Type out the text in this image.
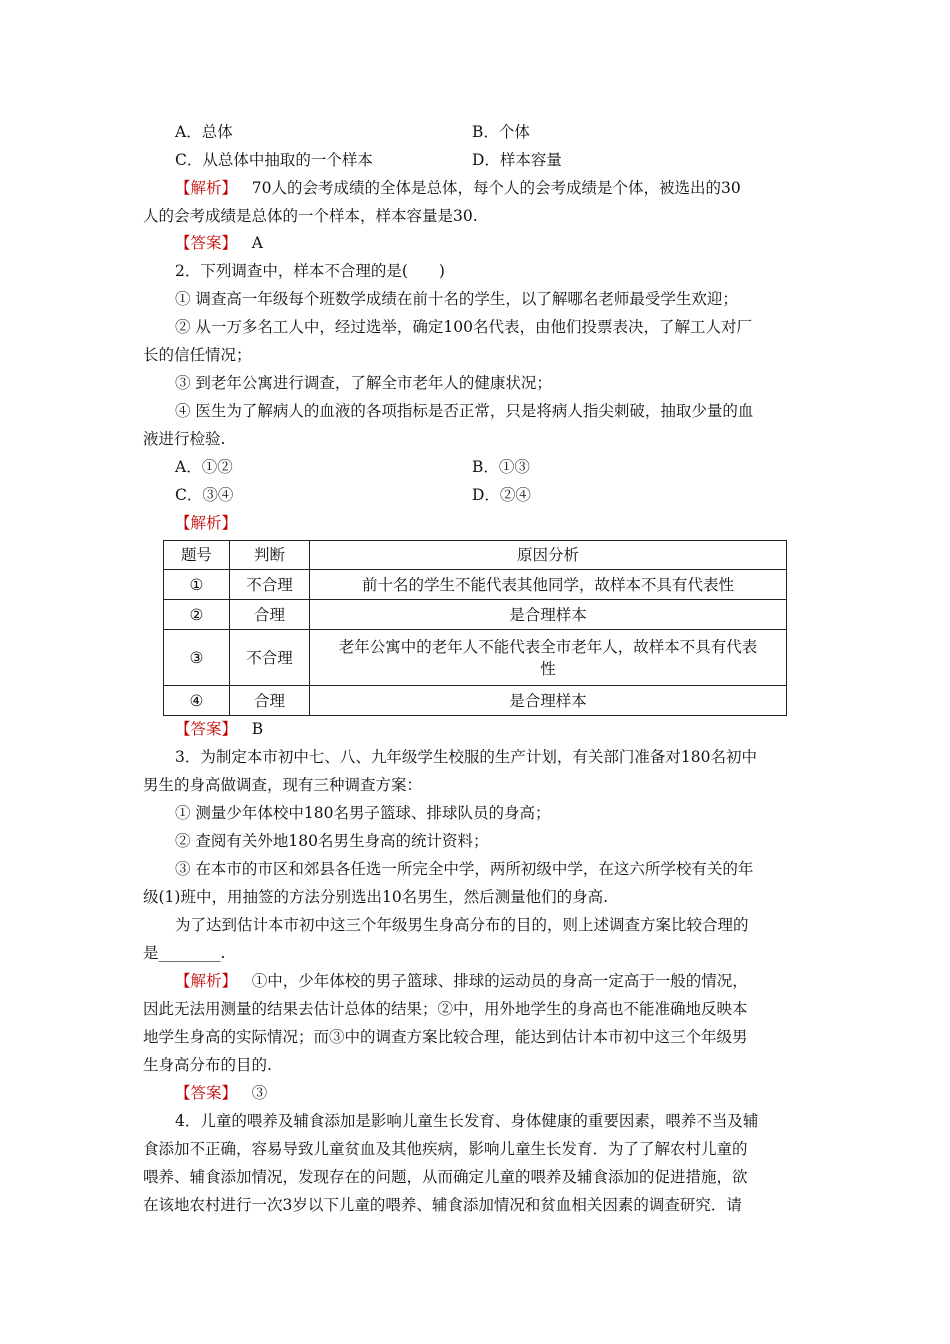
A．总体	B．个体
C．从总体中抽取的一个样本	D．样本容量
【解析】 70人的会考成绩的全体是总体，每个人的会考成绩是个体，被选出的30
人的会考成绩是总体的一个样本，样本容量是30.
【答案】 A
2．下列调查中，样本不合理的是(　　)
① 调查高一年级每个班数学成绩在前十名的学生，以了解哪名老师最受学生欢迎；
② 从一万多名工人中，经过选举，确定100名代表，由他们投票表决，了解工人对厂
长的信任情况；
③ 到老年公寓进行调查，了解全市老年人的健康状况；
④ 医生为了解病人的血液的各项指标是否正常，只是将病人指尖刺破，抽取少量的血
液进行检验.
A．①②	B．①③
C．③④	D．②④
【解析】
题号	判断	原因分析
①	不合理	前十名的学生不能代表其他同学，故样本不具有代表性
②	合理	是合理样本
③	不合理	老年公寓中的老年人不能代表全市老年人，故样本不具有代表
性

④	合理	是合理样本
【答案】 B
3．为制定本市初中七、八、九年级学生校服的生产计划，有关部门准备对180名初中
男生的身高做调查，现有三种调查方案：
① 测量少年体校中180名男子篮球、排球队员的身高；
② 查阅有关外地180名男生身高的统计资料；
③ 在本市的市区和郊县各任选一所完全中学，两所初级中学，在这六所学校有关的年
级(1)班中，用抽签的方法分别选出10名男生，然后测量他们的身高.
为了达到估计本市初中这三个年级男生身高分布的目的，则上述调查方案比较合理的
是________.
【解析】 ①中，少年体校的男子篮球、排球的运动员的身高一定高于一般的情况，
因此无法用测量的结果去估计总体的结果；②中，用外地学生的身高也不能准确地反映本
地学生身高的实际情况；而③中的调查方案比较合理，能达到估计本市初中这三个年级男
生身高分布的目的.
【答案】 ③
4．儿童的喂养及辅食添加是影响儿童生长发育、身体健康的重要因素，喂养不当及辅
食添加不正确，容易导致儿童贫血及其他疾病，影响儿童生长发育．为了了解农村儿童的
喂养、辅食添加情况，发现存在的问题，从而确定儿童的喂养及辅食添加的促进措施，欲
在该地农村进行一次3岁以下儿童的喂养、辅食添加情况和贫血相关因素的调查研究．请
